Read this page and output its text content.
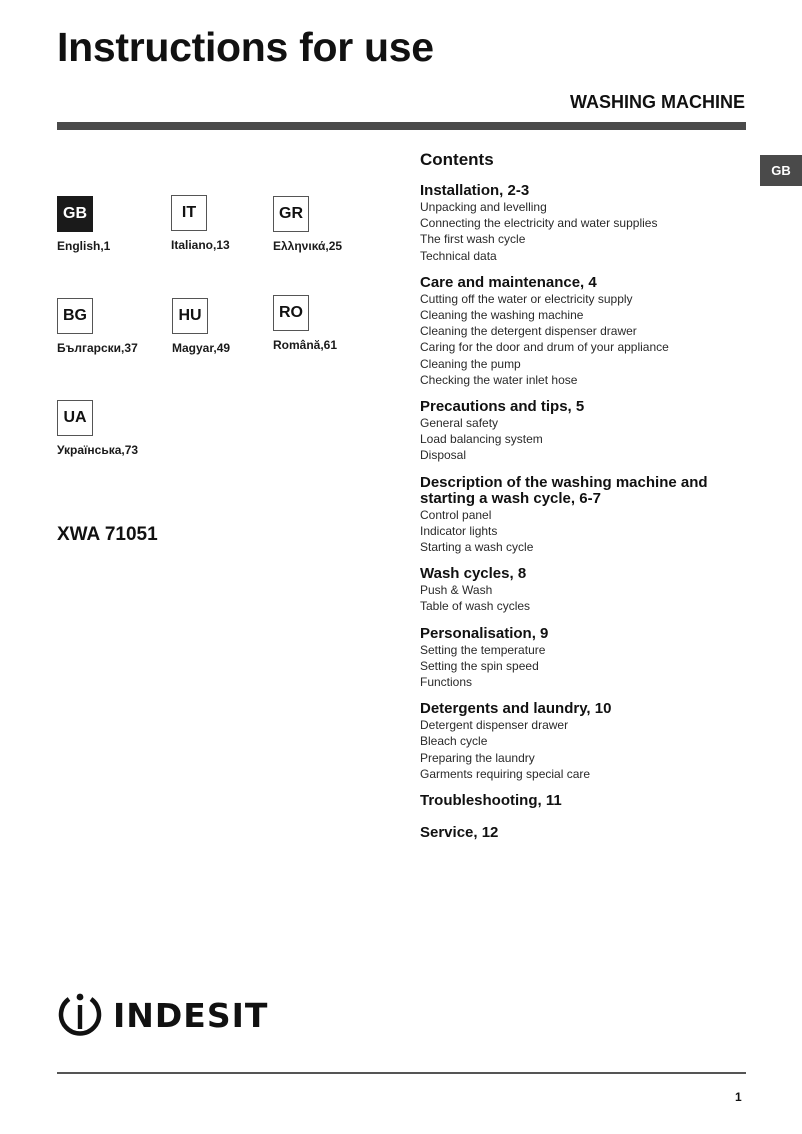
Instructions for use
WASHING MACHINE
GB
GB
English,1
IT
Italiano,13
GR
Ελληνικά,25
BG
Български,37
HU
Magyar,49
RO
Română,61
UA
Українська,73
XWA 71051
Contents
Installation, 2-3
Unpacking and levelling
Connecting the electricity and water supplies
The first wash cycle
Technical data
Care and maintenance, 4
Cutting off the water or electricity supply
Cleaning the washing machine
Cleaning the detergent dispenser drawer
Caring for the door and drum of your appliance
Cleaning the pump
Checking the water inlet hose
Precautions and tips, 5
General safety
Load balancing system
Disposal
Description of the washing machine and starting a wash cycle, 6-7
Control panel
Indicator lights
Starting a wash cycle
Wash cycles, 8
Push & Wash
Table of wash cycles
Personalisation, 9
Setting the temperature
Setting the spin speed
Functions
Detergents and laundry, 10
Detergent dispenser drawer
Bleach cycle
Preparing the laundry
Garments requiring special care
Troubleshooting, 11
Service, 12
INDESIT
1
